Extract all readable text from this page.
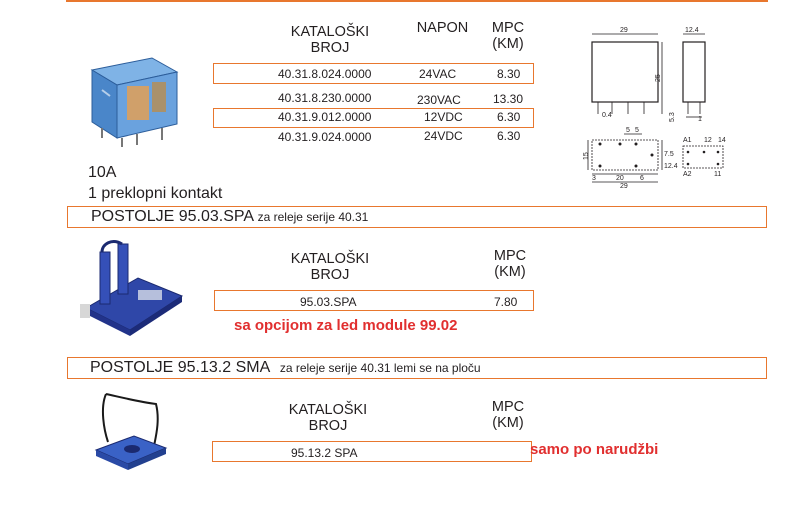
KATALOŠKI
BROJ
NAPON	MPC
(KM)
40.31.8.024.0000	24VAC	8.30
40.31.8.230.0000	230VAC	13.30
40.31.9.012.0000	12VDC	6.30
40.31.9.024.0000	24VDC	6.30
10A
1 preklopni kontakt
29
25
12.4
0.4	5.3	1
5 5
15	7.5
12.4
3	20 6
29
A1 12 14
A2	11
POSTOLJE 95.03.SPA za releje serije 40.31
KATALOŠKI
BROJ
MPC
(KM)
95.03.SPA	7.80
sa opcijom za led module 99.02
POSTOLJE 95.13.2 SMA za releje serije 40.31 lemi se na ploču
KATALOŠKI
BROJ
MPC
(KM)
95.13.2 SPA	samo po narudžbi
